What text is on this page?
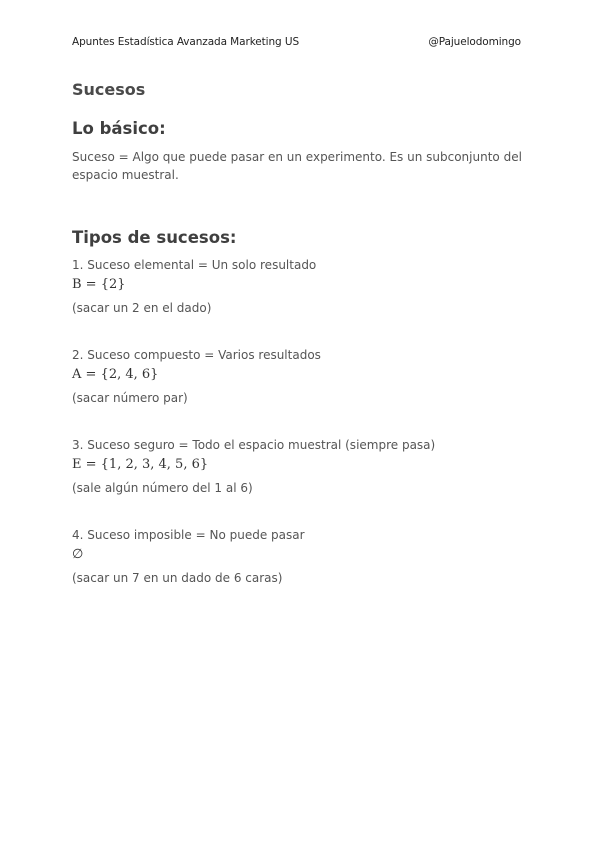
Apuntes Estadística Avanzada Marketing US	@Pajuelodomingo
Sucesos
Lo básico:

Suceso = Algo que puede pasar en un experimento. Es un subconjunto del espacio muestral.

Tipos de sucesos:
1. Suceso elemental = Un solo resultado
B = {2}
(sacar un 2 en el dado)
2. Suceso compuesto = Varios resultados
A = {2, 4, 6}
(sacar número par)
3. Suceso seguro = Todo el espacio muestral (siempre pasa)
E = {1, 2, 3, 4, 5, 6}
(sale algún número del 1 al 6)
4. Suceso imposible = No puede pasar
∅
(sacar un 7 en un dado de 6 caras)
